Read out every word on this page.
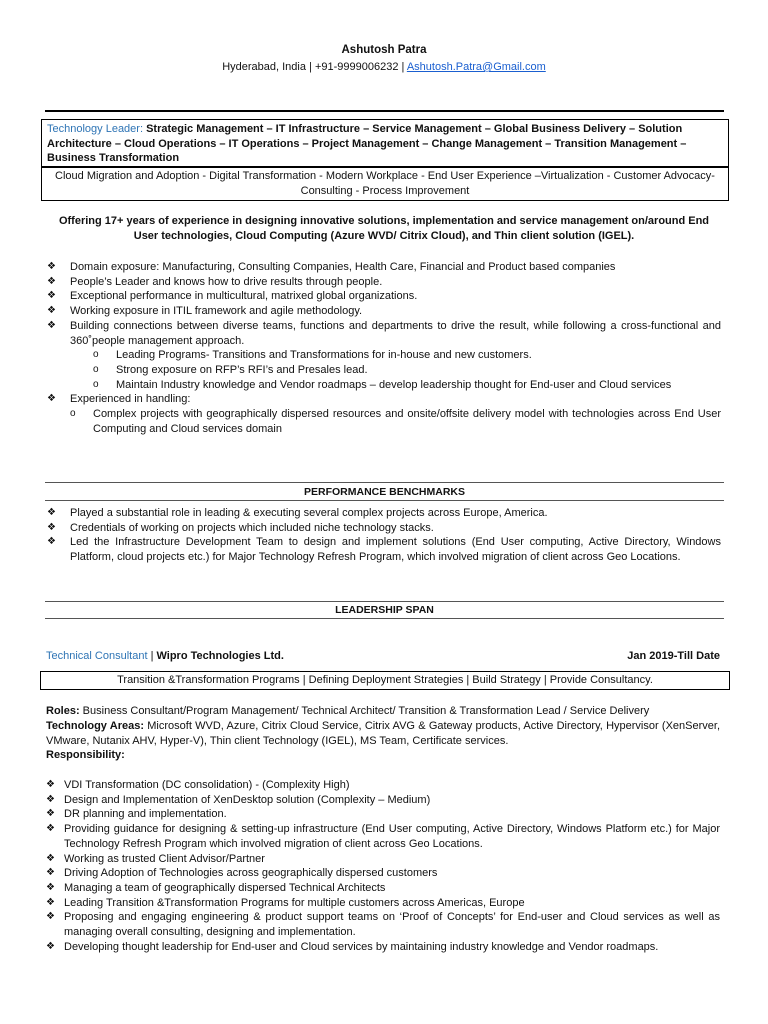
Ashutosh Patra
Hyderabad, India | +91-9999006232 | Ashutosh.Patra@Gmail.com
Technology Leader: Strategic Management – IT Infrastructure – Service Management – Global Business Delivery – Solution Architecture – Cloud Operations – IT Operations – Project Management – Change Management – Transition Management – Business Transformation
Cloud Migration and Adoption - Digital Transformation - Modern Workplace - End User Experience –Virtualization - Customer Advocacy- Consulting - Process Improvement
Offering 17+ years of experience in designing innovative solutions, implementation and service management on/around End User technologies, Cloud Computing (Azure WVD/ Citrix Cloud), and Thin client solution (IGEL).
❖ Domain exposure: Manufacturing, Consulting Companies, Health Care, Financial and Product based companies
❖ People’s Leader and knows how to drive results through people.
❖ Exceptional performance in multicultural, matrixed global organizations.
❖ Working exposure in ITIL framework and agile methodology.
❖ Building connections between diverse teams, functions and departments to drive the result, while following a cross-functional and 360˚people management approach.
o Leading Programs- Transitions and Transformations for in-house and new customers.
o Strong exposure on RFP’s RFI’s and Presales lead.
o Maintain Industry knowledge and Vendor roadmaps – develop leadership thought for End-user and Cloud services
❖ Experienced in handling:
o Complex projects with geographically dispersed resources and onsite/offsite delivery model with technologies across End User Computing and Cloud services domain
PERFORMANCE BENCHMARKS
❖ Played a substantial role in leading & executing several complex projects across Europe, America.
❖ Credentials of working on projects which included niche technology stacks.
❖ Led the Infrastructure Development Team to design and implement solutions (End User computing, Active Directory, Windows Platform, cloud projects etc.) for Major Technology Refresh Program, which involved migration of client across Geo Locations.
LEADERSHIP SPAN
Technical Consultant | Wipro Technologies Ltd.	Jan 2019-Till Date
Transition &Transformation Programs | Defining Deployment Strategies | Build Strategy | Provide Consultancy.
Roles: Business Consultant/Program Management/ Technical Architect/ Transition & Transformation Lead / Service Delivery
Technology Areas: Microsoft WVD, Azure, Citrix Cloud Service, Citrix AVG & Gateway products, Active Directory, Hypervisor (XenServer, VMware, Nutanix AHV, Hyper-V), Thin client Technology (IGEL), MS Team, Certificate services.
Responsibility:
❖ VDI Transformation (DC consolidation) - (Complexity High)
❖ Design and Implementation of XenDesktop solution (Complexity – Medium)
❖ DR planning and implementation.
❖ Providing guidance for designing & setting-up infrastructure (End User computing, Active Directory, Windows Platform etc.) for Major Technology Refresh Program which involved migration of client across Geo Locations.
❖ Working as trusted Client Advisor/Partner
❖ Driving Adoption of Technologies across geographically dispersed customers
❖ Managing a team of geographically dispersed Technical Architects
❖ Leading Transition &Transformation Programs for multiple customers across Americas, Europe
❖ Proposing and engaging engineering & product support teams on ‘Proof of Concepts’ for End-user and Cloud services as well as managing overall consulting, designing and implementation.
❖ Developing thought leadership for End-user and Cloud services by maintaining industry knowledge and Vendor roadmaps.
